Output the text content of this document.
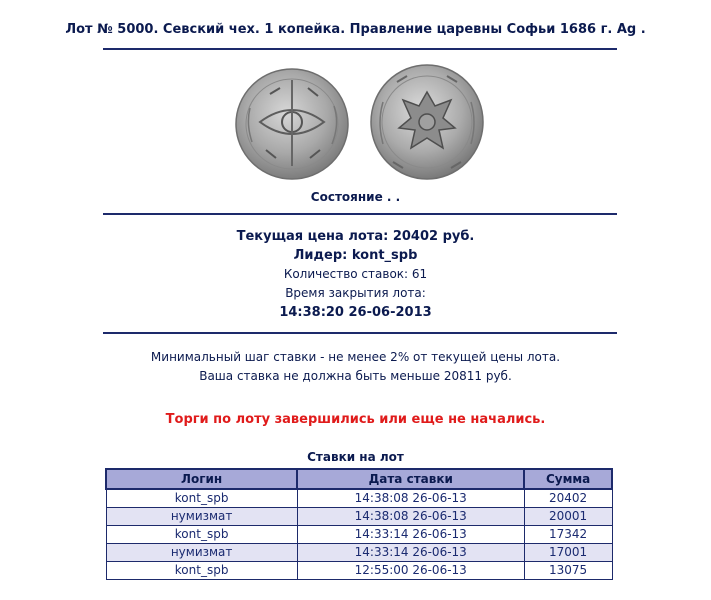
Лот № 5000. Севский чех. 1 копейка. Правление царевны Софьи 1686 г. Ag .
Состояние . .
Текущая цена лота: 20402 руб.
Лидер: kont_spb
Количество ставок: 61
Время закрытия лота:
14:38:20 26-06-2013
Минимальный шаг ставки - не менее 2% от текущей цены лота.
Ваша ставка не должна быть меньше 20811 руб.
Торги по лоту завершились или еще не начались.
Ставки на лот
Логин	Дата ставки	Сумма
kont_spb	14:38:08 26-06-13	20402
нумизмат	14:38:08 26-06-13	20001
kont_spb	14:33:14 26-06-13	17342
нумизмат	14:33:14 26-06-13	17001
kont_spb	12:55:00 26-06-13	13075
